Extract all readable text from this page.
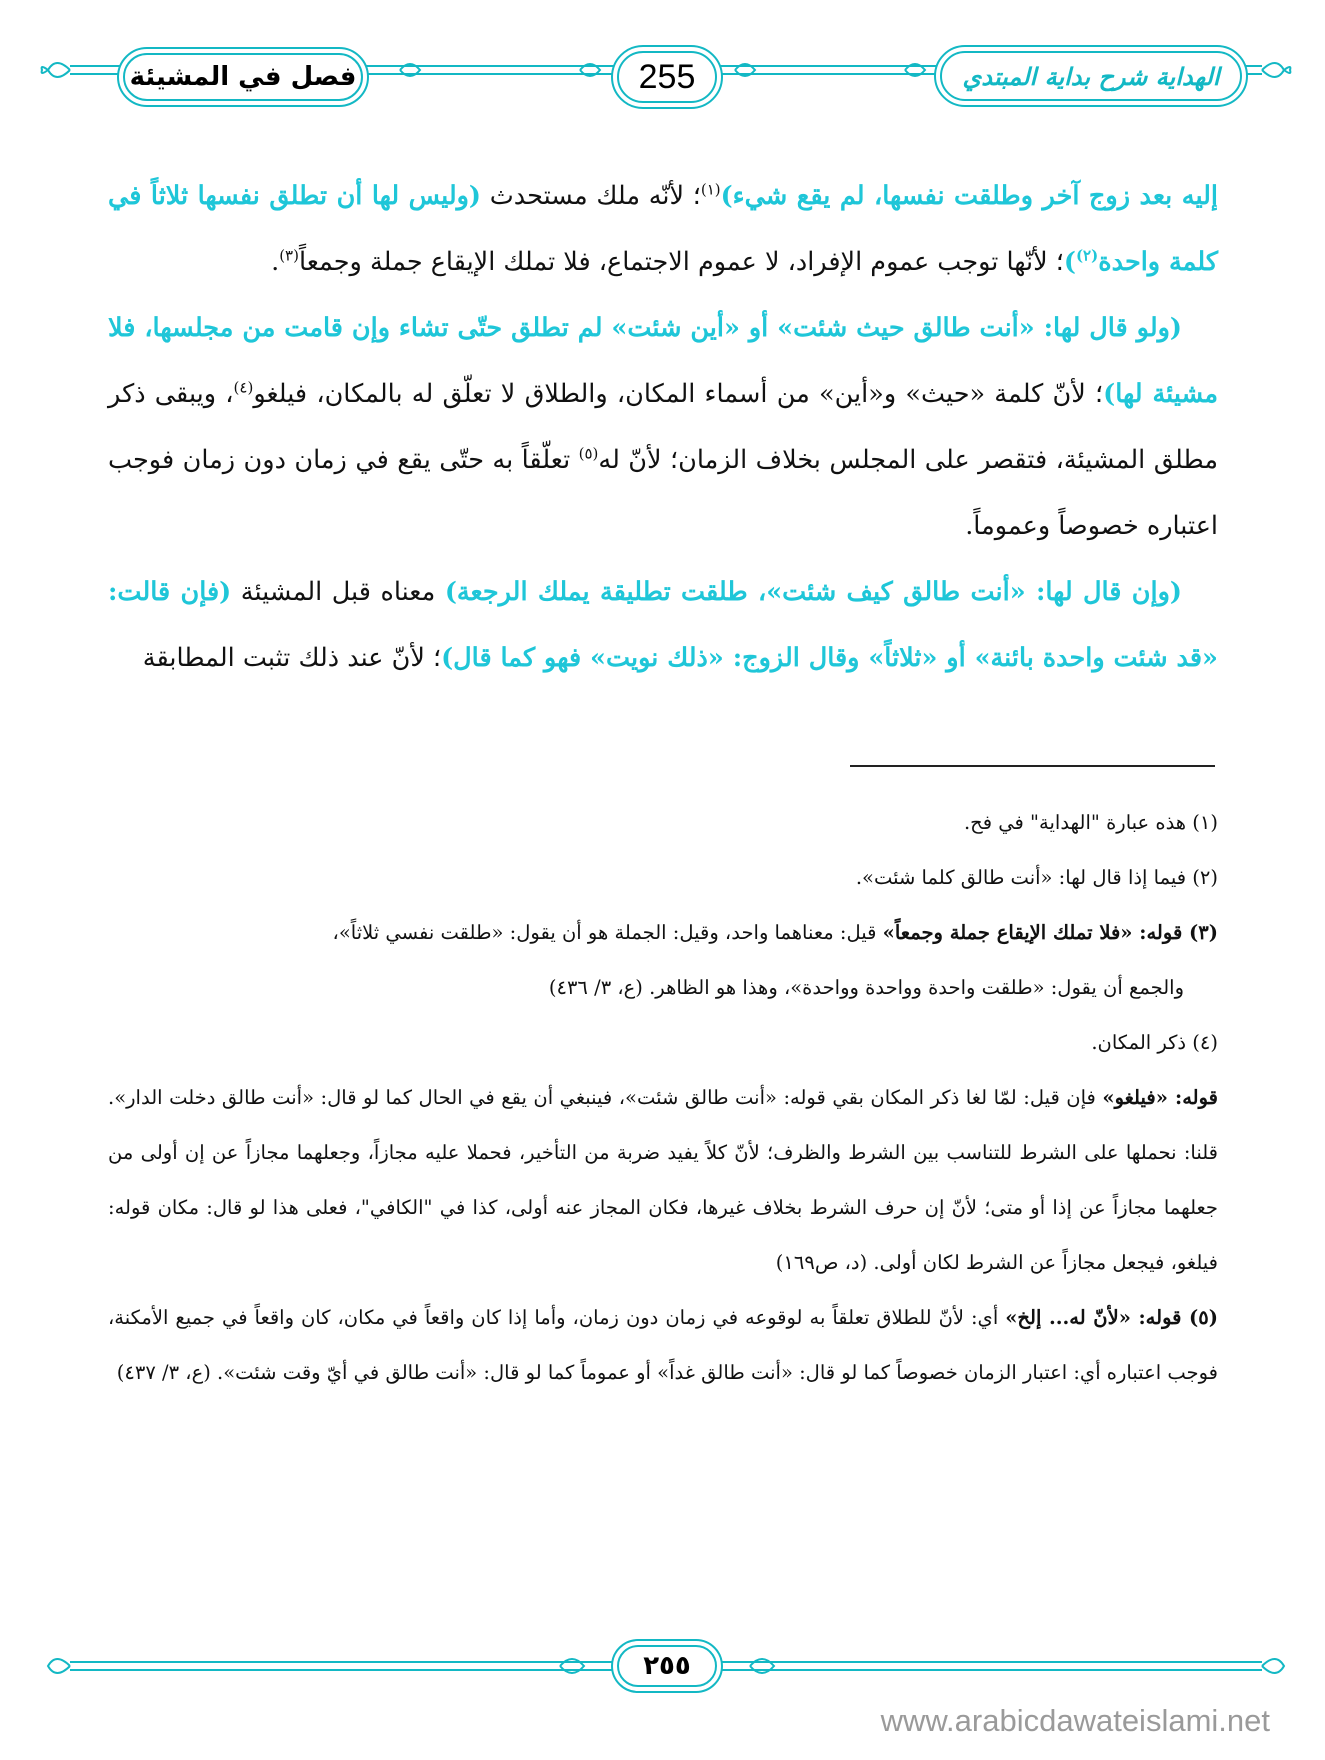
فصل في المشيئة	255	الهداية شرح بداية المبتدي

إليه بعد زوج آخر وطلقت نفسها، لم يقع شيء)$^{(١)}$؛ لأنّه ملك مستحدث (وليس لها أن تطلق نفسها ثلاثاً في كلمة واحدة$^{(٢)}$)؛ لأنّها توجب عموم الإفراد، لا عموم الاجتماع، فلا تملك الإيقاع جملة وجمعاً$^{(٣)}$.

(ولو قال لها: «أنت طالق حيث شئت» أو «أين شئت» لم تطلق حتّى تشاء وإن قامت من مجلسها، فلا مشيئة لها)؛ لأنّ كلمة «حيث» و«أين» من أسماء المكان، والطلاق لا تعلّق له بالمكان، فيلغو$^{(٤)}$، ويبقى ذكر مطلق المشيئة، فتقصر على المجلس بخلاف الزمان؛ لأنّ له$^{(٥)}$ تعلّقاً به حتّى يقع في زمان دون زمان فوجب اعتباره خصوصاً وعموماً.

(وإن قال لها: «أنت طالق كيف شئت»، طلقت تطليقة يملك الرجعة) معناه قبل المشيئة (فإن قالت: «قد شئت واحدة بائنة» أو «ثلاثاً» وقال الزوج: «ذلك نويت» فهو كما قال)؛ لأنّ عند ذلك تثبت المطابقة

(١) هذه عبارة "الهداية" في فح.

(٢) فيما إذا قال لها: «أنت طالق كلما شئت».

(٣) قوله: «فلا تملك الإيقاع جملة وجمعاً» قيل: معناهما واحد، وقيل: الجملة هو أن يقول: «طلقت نفسي ثلاثاً»،

والجمع أن يقول: «طلقت واحدة وواحدة وواحدة»، وهذا هو الظاهر. (ع، ٣/ ٤٣٦)

(٤) ذكر المكان.

قوله: «فيلغو» فإن قيل: لمّا لغا ذكر المكان بقي قوله: «أنت طالق شئت»، فينبغي أن يقع في الحال كما لو قال: «أنت طالق دخلت الدار». قلنا: نحملها على الشرط للتناسب بين الشرط والظرف؛ لأنّ كلاً يفيد ضربة من التأخير، فحملا عليه مجازاً، وجعلهما مجازاً عن إن أولى من جعلهما مجازاً عن إذا أو متى؛ لأنّ إن حرف الشرط بخلاف غيرها، فكان المجاز عنه أولى، كذا في "الكافي"، فعلى هذا لو قال: مكان قوله: فيلغو، فيجعل مجازاً عن الشرط لكان أولى. (د، ص١٦٩)

(٥) قوله: «لأنّ له... إلخ» أي: لأنّ للطلاق تعلقاً به لوقوعه في زمان دون زمان، وأما إذا كان واقعاً في مكان، كان واقعاً في جميع الأمكنة، فوجب اعتباره أي: اعتبار الزمان خصوصاً كما لو قال: «أنت طالق غداً» أو عموماً كما لو قال: «أنت طالق في أيّ وقت شئت». (ع، ٣/ ٤٣٧)

٢٥٥
www.arabicdawateislami.net
